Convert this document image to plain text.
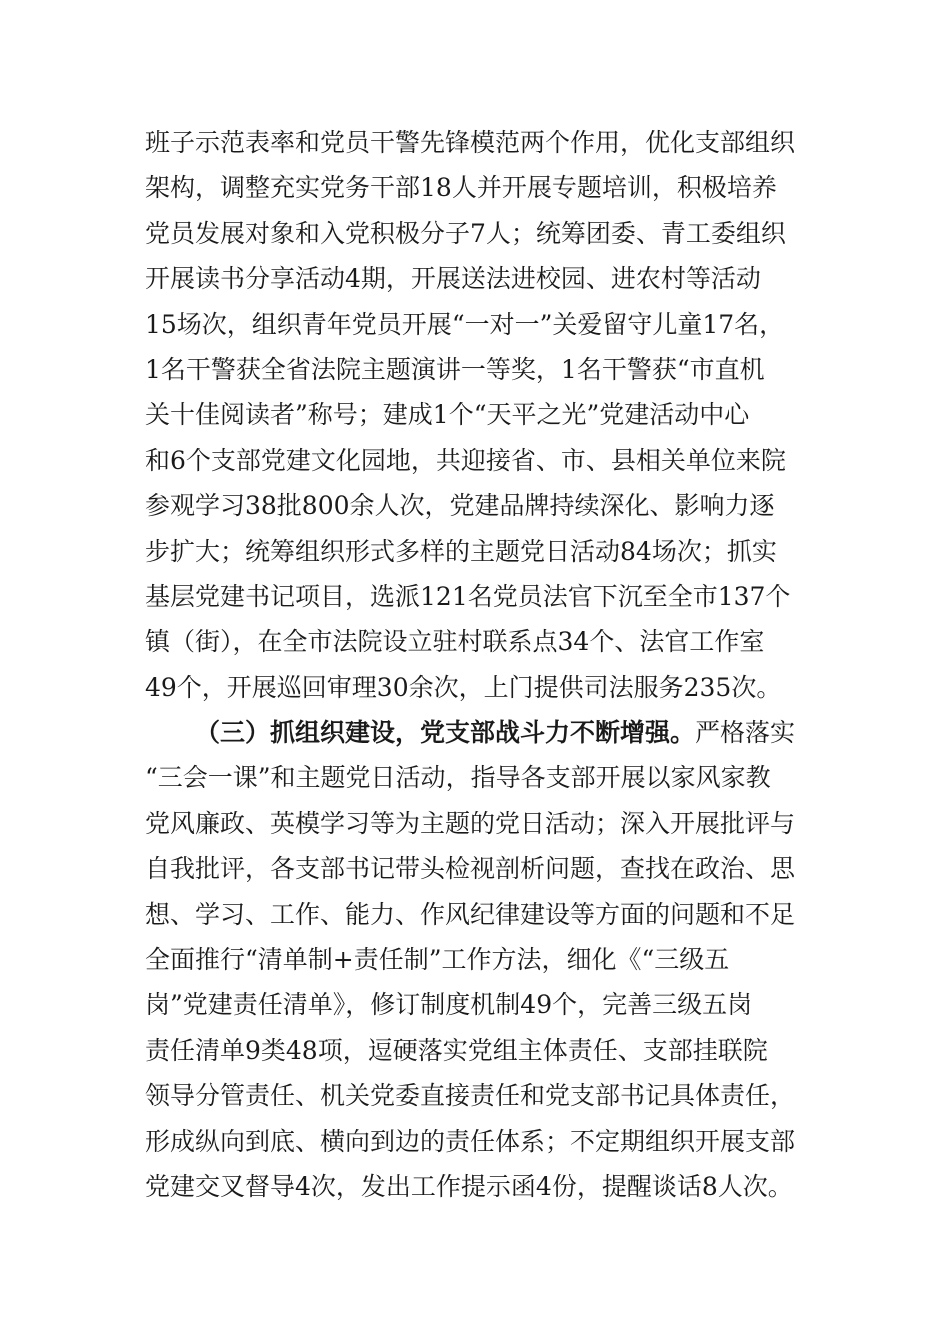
班子示范表率和党员干警先锋模范两个作用，优化支部组织
架构，调整充实党务干部18人并开展专题培训，积极培养
党员发展对象和入党积极分子7人；统筹团委、青工委组织
开展读书分享活动4期，开展送法进校园、进农村等活动
15场次，组织青年党员开展“一对一”关爱留守儿童17名，
1名干警获全省法院主题演讲一等奖，1名干警获“市直机
关十佳阅读者”称号；建成1个“天平之光”党建活动中心
和6个支部党建文化园地，共迎接省、市、县相关单位来院
参观学习38批800余人次，党建品牌持续深化、影响力逐
步扩大；统筹组织形式多样的主题党日活动84场次；抓实
基层党建书记项目，选派121名党员法官下沉至全市137个
镇（街），在全市法院设立驻村联系点34个、法官工作室
49个，开展巡回审理30余次，上门提供司法服务235次。
（三）抓组织建设，党支部战斗力不断增强。严格落实
“三会一课”和主题党日活动，指导各支部开展以家风家教
党风廉政、英模学习等为主题的党日活动；深入开展批评与
自我批评，各支部书记带头检视剖析问题，查找在政治、思
想、学习、工作、能力、作风纪律建设等方面的问题和不足
全面推行“清单制+责任制”工作方法，细化《“三级五
岗”党建责任清单》，修订制度机制49个，完善三级五岗
责任清单9类48项，逗硬落实党组主体责任、支部挂联院
领导分管责任、机关党委直接责任和党支部书记具体责任，
形成纵向到底、横向到边的责任体系；不定期组织开展支部
党建交叉督导4次，发出工作提示函4份，提醒谈话8人次。
